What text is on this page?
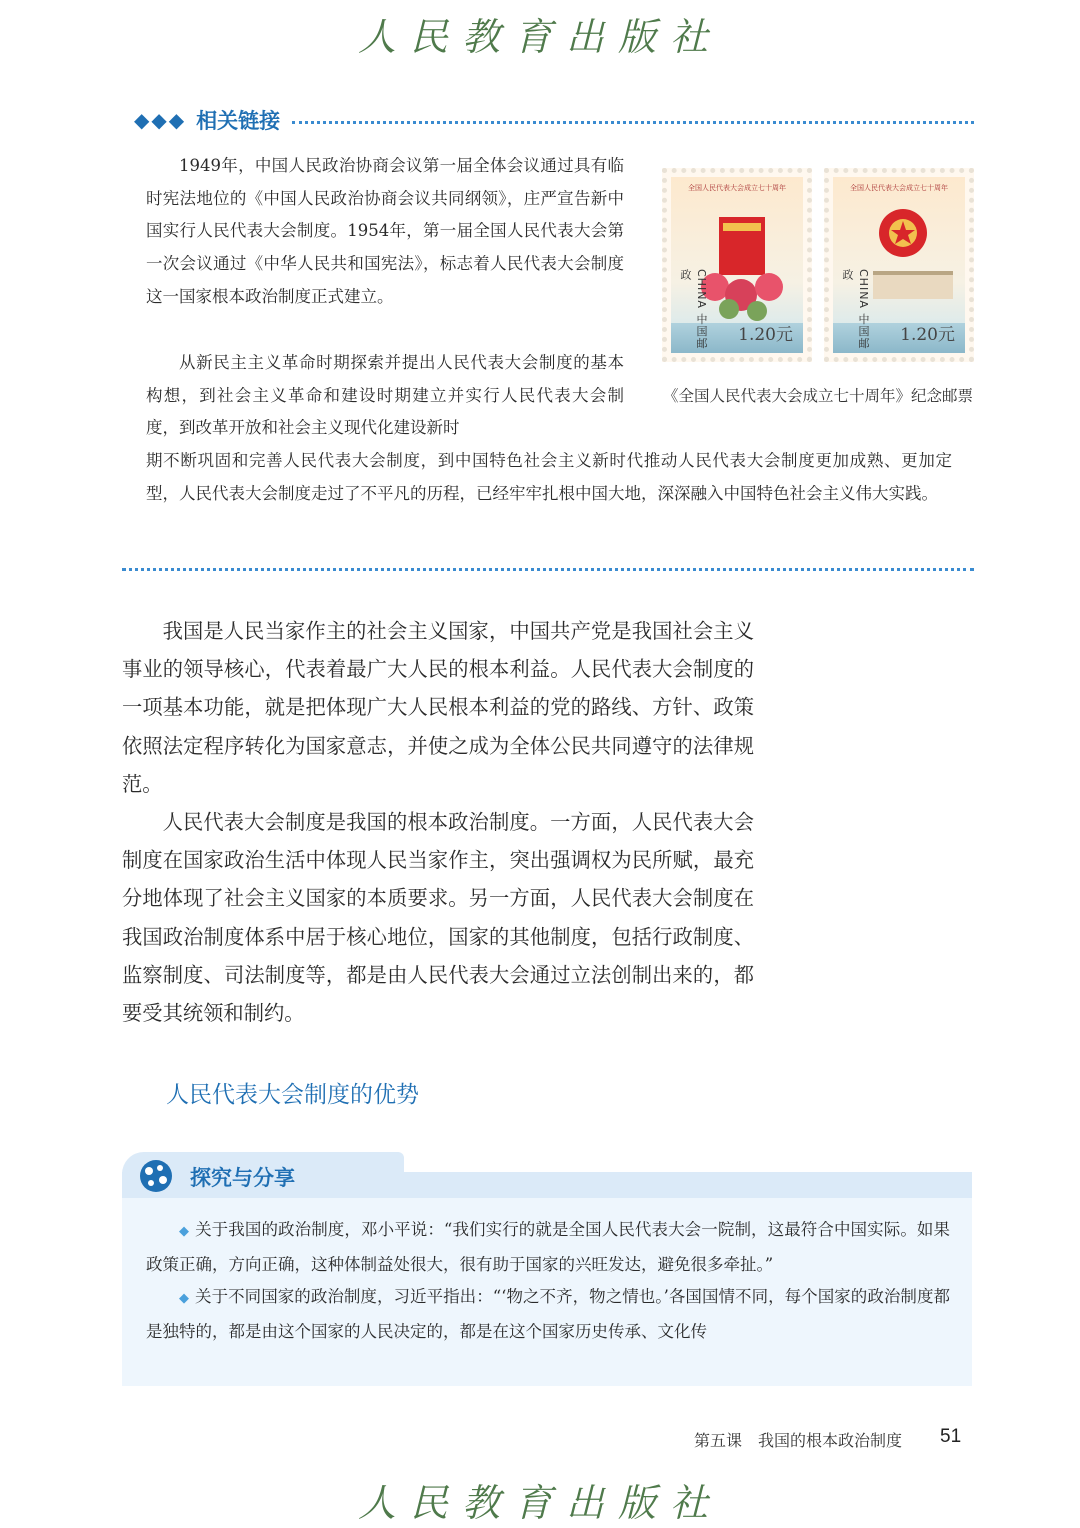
人民教育出版社
◆◆◆ 相关链接

1949年，中国人民政治协商会议第一届全体会议通过具有临时宪法地位的《中国人民政治协商会议共同纲领》，庄严宣告新中国实行人民代表大会制度。1954年，第一届全国人民代表大会第一次会议通过《中华人民共和国宪法》，标志着人民代表大会制度这一国家根本政治制度正式建立。

从新民主主义革命时期探索并提出人民代表大会制度的基本构想，到社会主义革命和建设时期建立并实行人民代表大会制度，到改革开放和社会主义现代化建设新时

期不断巩固和完善人民代表大会制度，到中国特色社会主义新时代推动人民代表大会制度更加成熟、更加定型，人民代表大会制度走过了不平凡的历程，已经牢牢扎根中国大地，深深融入中国特色社会主义伟大实践。

全国人民代表大会成立七十周年
CHINA 中国邮政
1.20元
全国人民代表大会成立七十周年
CHINA 中国邮政
1.20元
《全国人民代表大会成立七十周年》纪念邮票

我国是人民当家作主的社会主义国家，中国共产党是我国社会主义事业的领导核心，代表着最广大人民的根本利益。人民代表大会制度的一项基本功能，就是把体现广大人民根本利益的党的路线、方针、政策依照法定程序转化为国家意志，并使之成为全体公民共同遵守的法律规范。

人民代表大会制度是我国的根本政治制度。一方面，人民代表大会制度在国家政治生活中体现人民当家作主，突出强调权为民所赋，最充分地体现了社会主义国家的本质要求。另一方面，人民代表大会制度在我国政治制度体系中居于核心地位，国家的其他制度，包括行政制度、监察制度、司法制度等，都是由人民代表大会通过立法创制出来的，都要受其统领和制约。

人民代表大会制度的优势
探究与分享

◆ 关于我国的政治制度，邓小平说：“我们实行的就是全国人民代表大会一院制，这最符合中国实际。如果政策正确，方向正确，这种体制益处很大，很有助于国家的兴旺发达，避免很多牵扯。”

◆ 关于不同国家的政治制度，习近平指出：“‘物之不齐，物之情也。’各国国情不同，每个国家的政治制度都是独特的，都是由这个国家的人民决定的，都是在这个国家历史传承、文化传

第五课　我国的根本政治制度 51
人民教育出版社
